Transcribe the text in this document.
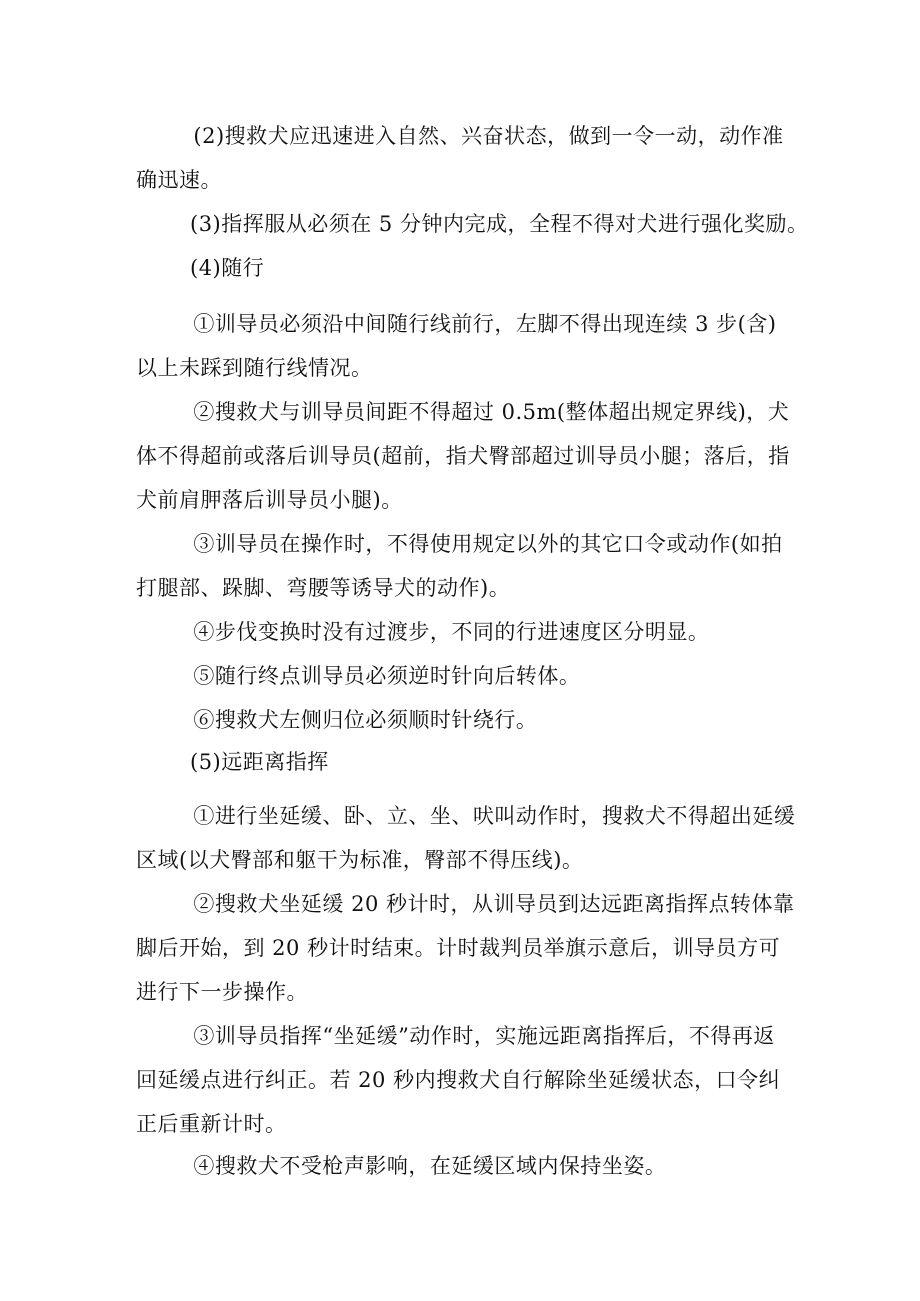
(2)搜救犬应迅速进入自然、兴奋状态，做到一令一动，动作准确迅速。

(3)指挥服从必须在 5 分钟内完成，全程不得对犬进行强化奖励。

(4)随行

①训导员必须沿中间随行线前行，左脚不得出现连续 3 步(含)以上未踩到随行线情况。

②搜救犬与训导员间距不得超过 0.5m(整体超出规定界线)，犬体不得超前或落后训导员(超前，指犬臀部超过训导员小腿；落后，指犬前肩胛落后训导员小腿)。

③训导员在操作时，不得使用规定以外的其它口令或动作(如拍打腿部、跺脚、弯腰等诱导犬的动作)。

④步伐变换时没有过渡步，不同的行进速度区分明显。

⑤随行终点训导员必须逆时针向后转体。

⑥搜救犬左侧归位必须顺时针绕行。

(5)远距离指挥

①进行坐延缓、卧、立、坐、吠叫动作时，搜救犬不得超出延缓区域(以犬臀部和躯干为标准，臀部不得压线)。

②搜救犬坐延缓 20 秒计时，从训导员到达远距离指挥点转体靠脚后开始，到 20 秒计时结束。计时裁判员举旗示意后，训导员方可进行下一步操作。

③训导员指挥“坐延缓”动作时，实施远距离指挥后，不得再返回延缓点进行纠正。若 20 秒内搜救犬自行解除坐延缓状态，口令纠正后重新计时。

④搜救犬不受枪声影响，在延缓区域内保持坐姿。
